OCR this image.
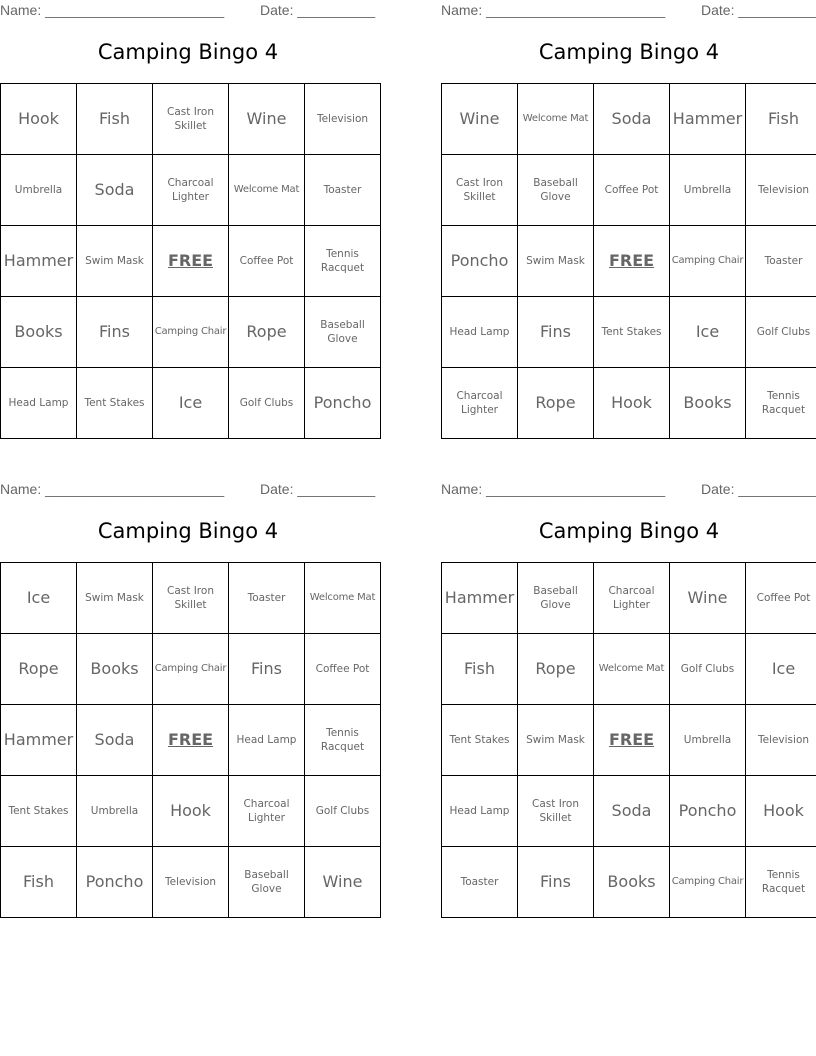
Name: _______________________	Date: __________
Camping Bingo 4
Hook	Fish	Cast Iron Skillet	Wine	Television
Umbrella	Soda	Charcoal Lighter	Welcome Mat	Toaster
Hammer	Swim Mask	FREE	Coffee Pot	Tennis Racquet
Books	Fins	Camping Chair	Rope	Baseball Glove
Head Lamp	Tent Stakes	Ice	Golf Clubs	Poncho
Name: _______________________	Date: __________
Camping Bingo 4
Wine	Welcome Mat	Soda	Hammer	Fish
Cast Iron Skillet	Baseball Glove	Coffee Pot	Umbrella	Television
Poncho	Swim Mask	FREE	Camping Chair	Toaster
Head Lamp	Fins	Tent Stakes	Ice	Golf Clubs
Charcoal Lighter	Rope	Hook	Books	Tennis Racquet
Name: _______________________	Date: __________
Camping Bingo 4
Ice	Swim Mask	Cast Iron Skillet	Toaster	Welcome Mat
Rope	Books	Camping Chair	Fins	Coffee Pot
Hammer	Soda	FREE	Head Lamp	Tennis Racquet
Tent Stakes	Umbrella	Hook	Charcoal Lighter	Golf Clubs
Fish	Poncho	Television	Baseball Glove	Wine
Name: _______________________	Date: __________
Camping Bingo 4
Hammer	Baseball Glove	Charcoal Lighter	Wine	Coffee Pot
Fish	Rope	Welcome Mat	Golf Clubs	Ice
Tent Stakes	Swim Mask	FREE	Umbrella	Television
Head Lamp	Cast Iron Skillet	Soda	Poncho	Hook
Toaster	Fins	Books	Camping Chair	Tennis Racquet
